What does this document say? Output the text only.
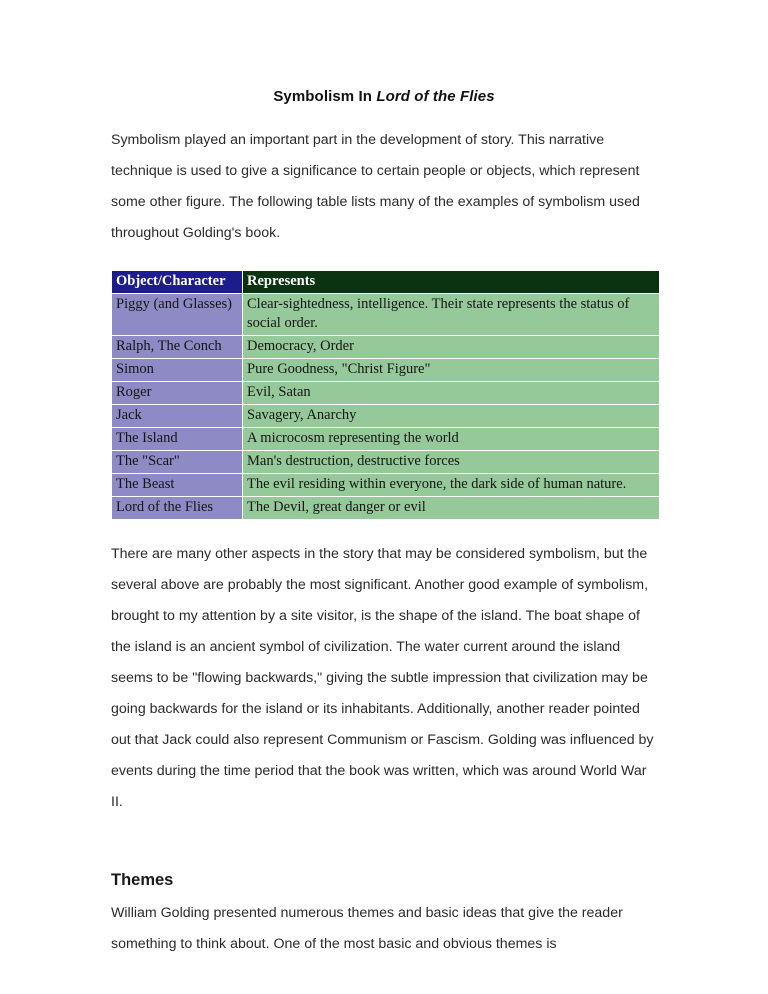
Symbolism In Lord of the Flies

Symbolism played an important part in the development of story. This narrative technique is used to give a significance to certain people or objects, which represent some other figure. The following table lists many of the examples of symbolism used throughout Golding's book.

Object/Character	Represents
Piggy (and Glasses)	Clear-sightedness, intelligence. Their state represents the status of social order.
Ralph, The Conch	Democracy, Order
Simon	Pure Goodness, "Christ Figure"
Roger	Evil, Satan
Jack	Savagery, Anarchy
The Island	A microcosm representing the world
The "Scar"	Man's destruction, destructive forces
The Beast	The evil residing within everyone, the dark side of human nature.
Lord of the Flies	The Devil, great danger or evil

There are many other aspects in the story that may be considered symbolism, but the several above are probably the most significant. Another good example of symbolism, brought to my attention by a site visitor, is the shape of the island. The boat shape of the island is an ancient symbol of civilization. The water current around the island seems to be "flowing backwards," giving the subtle impression that civilization may be going backwards for the island or its inhabitants. Additionally, another reader pointed out that Jack could also represent Communism or Fascism. Golding was influenced by events during the time period that the book was written, which was around World War II.

Themes

William Golding presented numerous themes and basic ideas that give the reader something to think about. One of the most basic and obvious themes is
